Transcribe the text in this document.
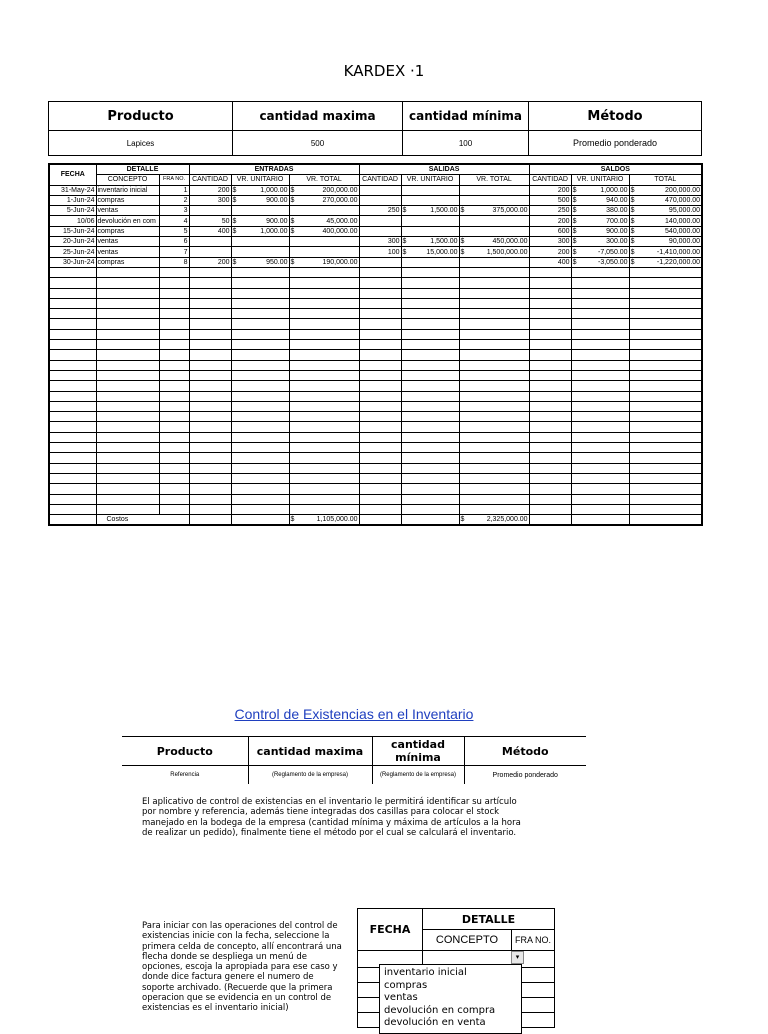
KARDEX ·1
Producto	cantidad maxima	cantidad mínima	Método
Lapices	500	100	Promedio ponderado
FECHA	DETALLE		ENTRADAS			SALIDAS			SALDOS		
	CONCEPTO	FRA NO.	CANTIDAD	VR. UNITARIO	VR. TOTAL	CANTIDAD	VR. UNITARIO	VR. TOTAL	CANTIDAD	VR. UNITARIO	TOTAL
31-May-24	inventario inicial	1	200	$ 1,000.00	$ 200,000.00				200	$ 1,000.00	$ 200,000.00

1-Jun-24	compras	2	300	$ 900.00	$ 270,000.00				500	$ 940.00	$ 470,000.00

5-Jun-24	ventas	3				250	$ 1,500.00	$ 375,000.00	250	$ 380.00	$ 95,000.00

10/06	devolución en com	4	50	$ 900.00	$ 45,000.00				200	$ 700.00	$ 140,000.00

15-Jun-24	compras	5	400	$ 1,000.00	$ 400,000.00				600	$ 900.00	$ 540,000.00

20-Jun-24	ventas	6				300	$ 1,500.00	$ 450,000.00	300	$ 300.00	$ 90,000.00

25-Jun-24	ventas	7				100	$ 15,000.00	$ 1,500,000.00	200	$ -7,050.00	$ -1,410,000.00

30-Jun-24	compras	8	200	$ 950.00	$ 190,000.00				400	$ -3,050.00	$ -1,220,000.00

	Costos				$ 1,105,000.00			$ 2,325,000.00			

Control de Existencias en el Inventario
Producto	cantidad maxima	cantidad mínima	Método
Referencia	(Reglamento de la empresa)	(Reglamento de la empresa)	Promedio ponderado
El aplicativo de control de existencias en el inventario le permitirá identificar su artículo por nombre y referencia, además tiene integradas dos casillas para colocar el stock manejado en la bodega de la empresa (cantidad mínima y máxima de artículos a la hora de realizar un pedido), finalmente tiene el método por el cual se calculará el inventario.
Para iniciar con las operaciones del control de existencias inicie con la fecha, seleccione la primera celda de concepto, allí encontrará una flecha donde se despliega un menú de opciones, escoja la apropiada para ese caso y donde dice factura genere el numero de soporte archivado. (Recuerde que la primera operacion que se evidencia en un control de existencias es el inventario inicial)
FECHA	DETALLE	
	CONCEPTO	FRA NO.

▾
inventario inicial
compras
ventas
devolución en compra
devolución en venta
